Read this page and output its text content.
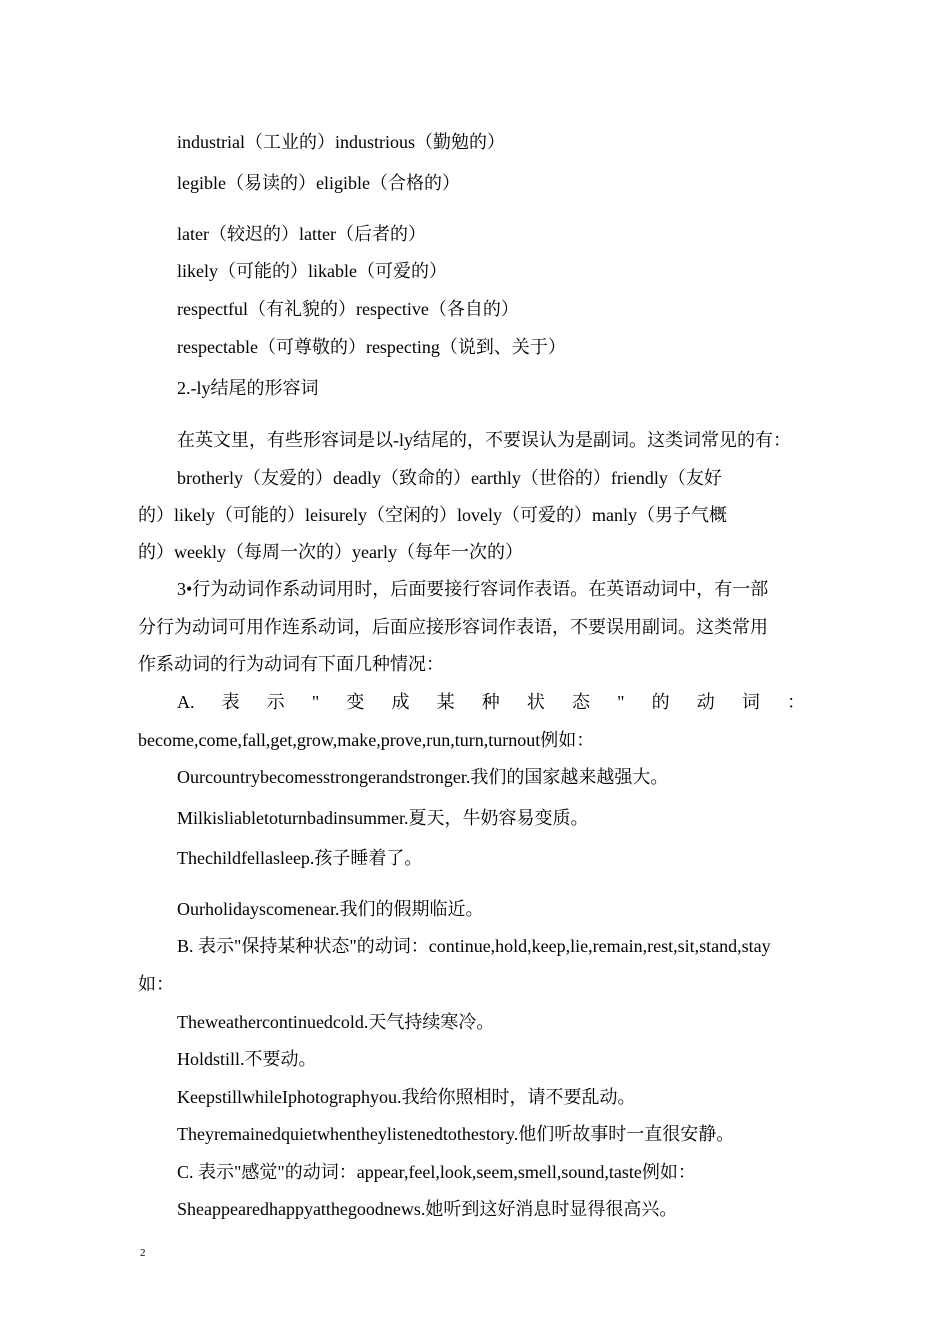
industrial（工业的）industrious（勤勉的）
legible（易读的）eligible（合格的）
later（较迟的）latter（后者的）
likely（可能的）likable（可爱的）
respectful（有礼貌的）respective（各自的）
respectable（可尊敬的）respecting（说到、关于）
2.-ly结尾的形容词
在英文里，有些形容词是以-ly结尾的，不要误认为是副词。这类词常见的有：
brotherly（友爱的）deadly（致命的）earthly（世俗的）friendly（友好
的）likely（可能的）leisurely（空闲的）lovely（可爱的）manly（男子气概
的）weekly（每周一次的）yearly（每年一次的）
3•行为动词作系动词用时，后面要接行容词作表语。在英语动词中，有一部
分行为动词可用作连系动词，后面应接形容词作表语，不要误用副词。这类常用
作系动词的行为动词有下面几种情况：
A. 表 示 " 变 成 某 种 状 态 " 的 动 词 ：
become,come,fall,get,grow,make,prove,run,turn,turnout例如：
Ourcountrybecomesstrongerandstronger.我们的国家越来越强大。
Milkisliabletoturnbadinsummer.夏天，牛奶容易变质。
Thechildfellasleep.孩子睡着了。
Ourholidayscomenear.我们的假期临近。
B. 表示"保持某种状态"的动词：continue,hold,keep,lie,remain,rest,sit,stand,stay
如：
Theweathercontinuedcold.天气持续寒冷。
Holdstill.不要动。
KeepstillwhileIphotographyou.我给你照相时，请不要乱动。
Theyremainedquietwhentheylistenedtothestory.他们听故事时一直很安静。
C. 表示"感觉"的动词：appear,feel,look,seem,smell,sound,taste例如：
Sheappearedhappyatthegoodnews.她听到这好消息时显得很高兴。
2
